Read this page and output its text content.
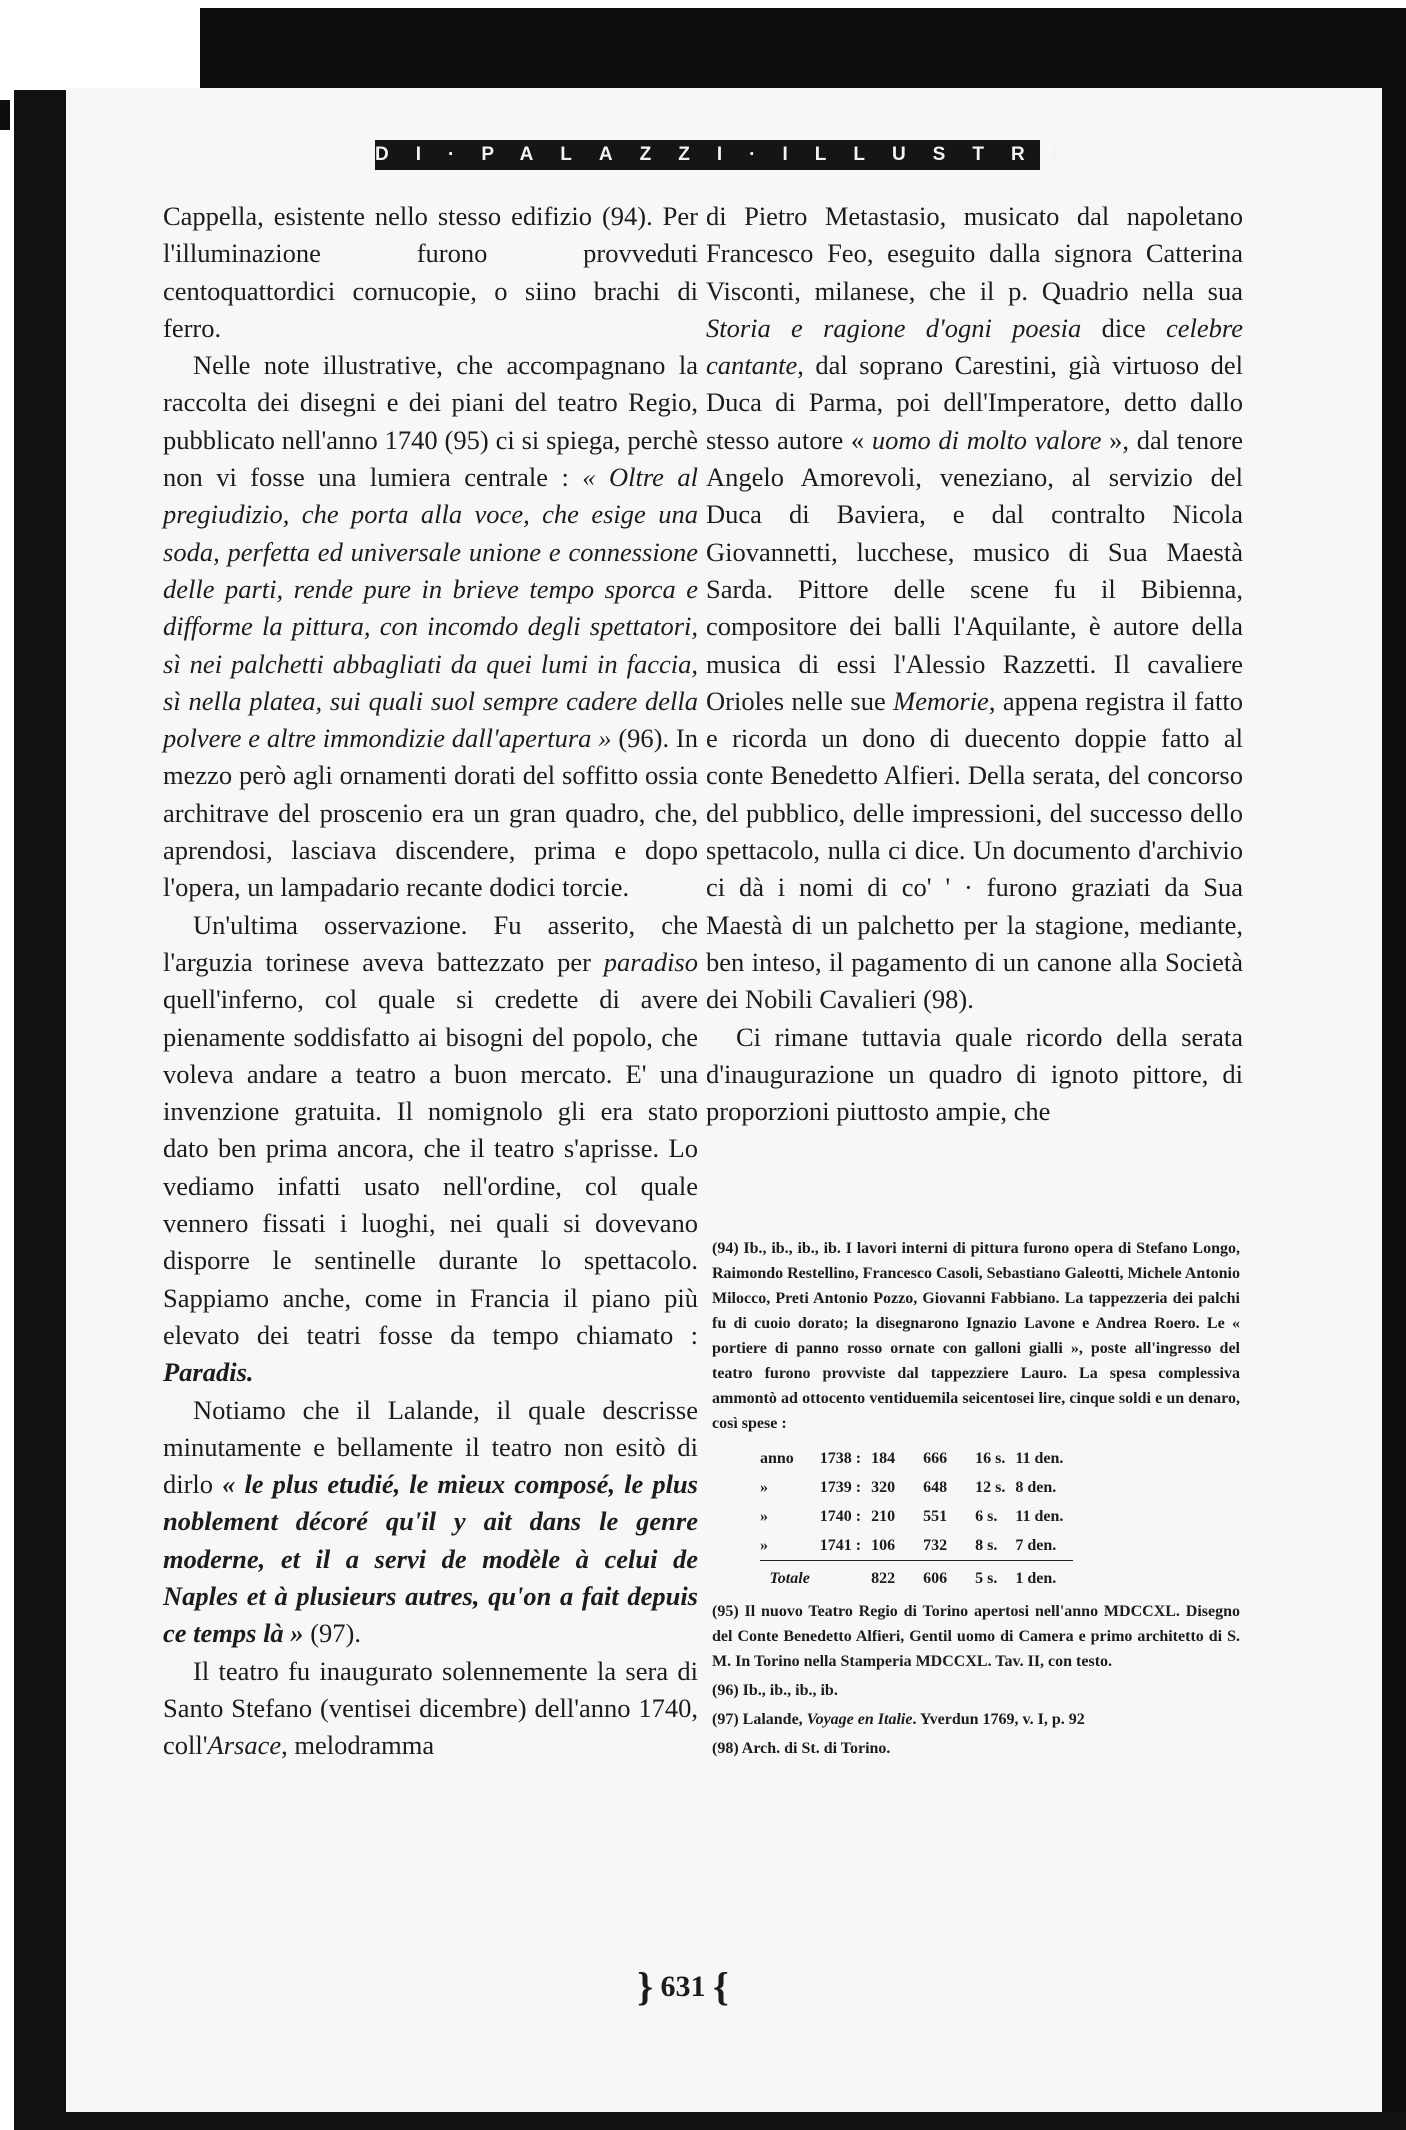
DI·PALAZZI·ILLUSTRI·

Cappella, esistente nello stesso edifizio (94). Per l'illuminazione furono provveduti centoquattordici cornucopie, o siino brachi di ferro.

Nelle note illustrative, che accompagnano la raccolta dei disegni e dei piani del teatro Regio, pubblicato nell'anno 1740 (95) ci si spiega, perchè non vi fosse una lumiera centrale : « Oltre al pregiudizio, che porta alla voce, che esige una soda, perfetta ed universale unione e connessione delle parti, rende pure in brieve tempo sporca e difforme la pittura, con incomdo degli spettatori, sì nei palchetti abbagliati da quei lumi in faccia, sì nella platea, sui quali suol sempre cadere della polvere e altre immondizie dall'apertura » (96). In mezzo però agli ornamenti dorati del soffitto ossia architrave del proscenio era un gran quadro, che, aprendosi, lasciava discendere, prima e dopo l'opera, un lampadario recante dodici torcie.

Un'ultima osservazione. Fu asserito, che l'arguzia torinese aveva battezzato per paradiso quell'inferno, col quale si credette di avere pienamente soddisfatto ai bisogni del popolo, che voleva andare a teatro a buon mercato. E' una invenzione gratuita. Il nomignolo gli era stato dato ben prima ancora, che il teatro s'aprisse. Lo vediamo infatti usato nell'ordine, col quale vennero fissati i luoghi, nei quali si dovevano disporre le sentinelle durante lo spettacolo. Sappiamo anche, come in Francia il piano più elevato dei teatri fosse da tempo chiamato : Paradis.

Notiamo che il Lalande, il quale descrisse minutamente e bellamente il teatro non esitò di dirlo « le plus etudié, le mieux composé, le plus noblement décoré qu'il y ait dans le genre moderne, et il a servi de modèle à celui de Naples et à plusieurs autres, qu'on a fait depuis ce temps là » (97).

Il teatro fu inaugurato solennemente la sera di Santo Stefano (ventisei dicembre) dell'anno 1740, coll'Arsace, melodramma

di Pietro Metastasio, musicato dal napoletano Francesco Feo, eseguito dalla signora Catterina Visconti, milanese, che il p. Quadrio nella sua Storia e ragione d'ogni poesia dice celebre cantante, dal soprano Carestini, già virtuoso del Duca di Parma, poi dell'Imperatore, detto dallo stesso autore « uomo di molto valore », dal tenore Angelo Amorevoli, veneziano, al servizio del Duca di Baviera, e dal contralto Nicola Giovannetti, lucchese, musico di Sua Maestà Sarda. Pittore delle scene fu il Bibienna, compositore dei balli l'Aquilante, è autore della musica di essi l'Alessio Razzetti. Il cavaliere Orioles nelle sue Memorie, appena registra il fatto e ricorda un dono di duecento doppie fatto al conte Benedetto Alfieri. Della serata, del concorso del pubblico, delle impressioni, del successo dello spettacolo, nulla ci dice. Un documento d'archivio ci dà i nomi di co' ' · furono graziati da Sua Maestà di un palchetto per la stagione, mediante, ben inteso, il pagamento di un canone alla Società dei Nobili Cavalieri (98).

Ci rimane tuttavia quale ricordo della serata d'inaugurazione un quadro di ignoto pittore, di proporzioni piuttosto ampie, che

(94) Ib., ib., ib., ib. I lavori interni di pittura furono opera di Stefano Longo, Raimondo Restellino, Francesco Casoli, Sebastiano Galeotti, Michele Antonio Milocco, Preti Antonio Pozzo, Giovanni Fabbiano. La tappezzeria dei palchi fu di cuoio dorato; la disegnarono Ignazio Lavone e Andrea Roero. Le « portiere di panno rosso ornate con galloni gialli », poste all'ingresso del teatro furono provviste dal tappezziere Lauro. La spesa complessiva ammontò ad ottocento ventiduemila seicentosei lire, cinque soldi e un denaro, così spese :

anno	1738 :	184	666	16 s.	11 den.
»	1739 :	320	648	12 s.	8 den.
»	1740 :	210	551	6 s.	11 den.
»	1741 :	106	732	8 s.	7 den.
Totale		822	606	5 s.	1 den.

(95) Il nuovo Teatro Regio di Torino apertosi nell'anno MDCCXL. Disegno del Conte Benedetto Alfieri, Gentil uomo di Camera e primo architetto di S. M. In Torino nella Stamperia MDCCXL. Tav. II, con testo.

(96) Ib., ib., ib., ib.

(97) Lalande, Voyage en Italie. Yverdun 1769, v. I, p. 92

(98) Arch. di St. di Torino.

} 631 {
